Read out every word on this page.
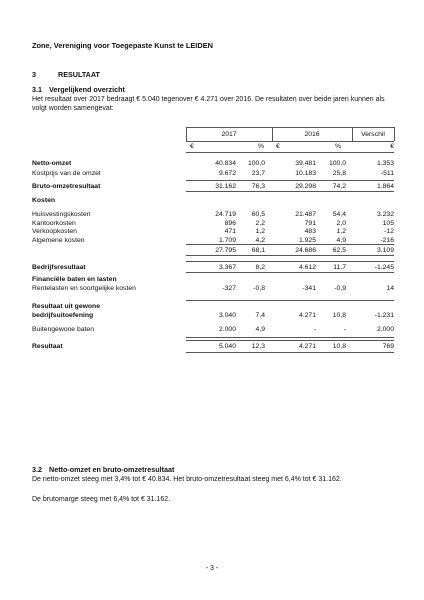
Zone, Vereniging voor Toegepaste Kunst te LEIDEN
3	RESULTAAT
3.1 Vergelijkend overzicht
Het resultaat over 2017 bedraagt € 5.040 tegenover € 4.271 over 2016. De resultaten over beide jaren kunnen als volgt worden samengevat:
2017	2016	Verschil
€	% €	%	€
Netto-omzet	40.834	100,0	39.481	100,0	1.353
Kostprijs van de omzet	9.672	23,7	10.183	25,8	-511
Bruto-omzetresultaat	31.162	76,3	29.298	74,2	1.864
Kosten
Huisvestingskosten	24.719	60,5	21.487	54,4	3.232
Kantoorkosten	896	2,2	791	2,0	105
Verkoopkosten	471	1,2	483	1,2	-12
Algemene kosten	1.709	4,2	1.925	4,9	-216
27.795	68,1	24.686	62,5	3.109
Bedrijfsresultaat	3.367	8,2	4.612	11,7	-1.245
Financiële baten en lasten
Rentelasten en soortgelijke kosten	-327	-0,8	-341	-0,9	14
Resultaat uit gewone
bedrijfsuitoefening	3.040	7,4	4.271	10,8	-1.231
Buitengewone baten	2.000	4,9	-	-	2.000
Resultaat	5.040	12,3	4.271	10,8	769
3.2 Netto-omzet en bruto-omzetresultaat
De netto-omzet steeg met 3,4% tot € 40.834. Het bruto-omzetresultaat steeg met 6,4% tot € 31.162.
De brutomarge steeg met 6,4% tot € 31.162.
- 3 -
